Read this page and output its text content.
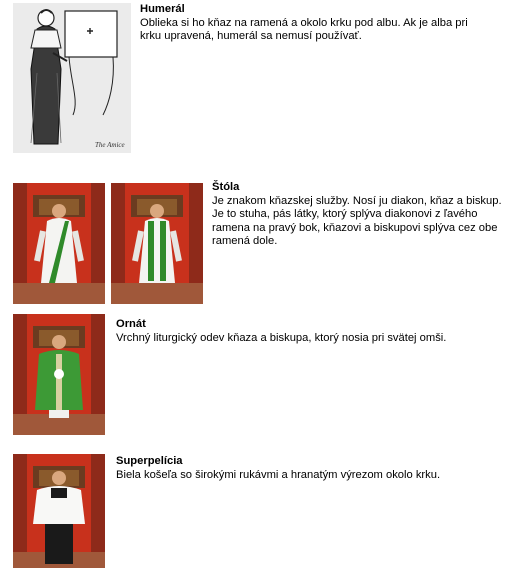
The Amice
Humerál
Oblieka si ho kňaz na ramená a okolo krku pod albu. Ak je alba pri krku upravená, humerál sa nemusí používať.
Štóla
Je znakom kňazskej služby. Nosí ju diakon, kňaz a biskup. Je to stuha, pás látky, ktorý splýva diakonovi z ľavého ramena na pravý bok, kňazovi a biskupovi splýva cez obe ramená dole.
Ornát
Vrchný liturgický odev kňaza a biskupa, ktorý nosia pri svätej omši.
Superpelícia
Biela košeľa so širokými rukávmi a hranatým výrezom okolo krku.
